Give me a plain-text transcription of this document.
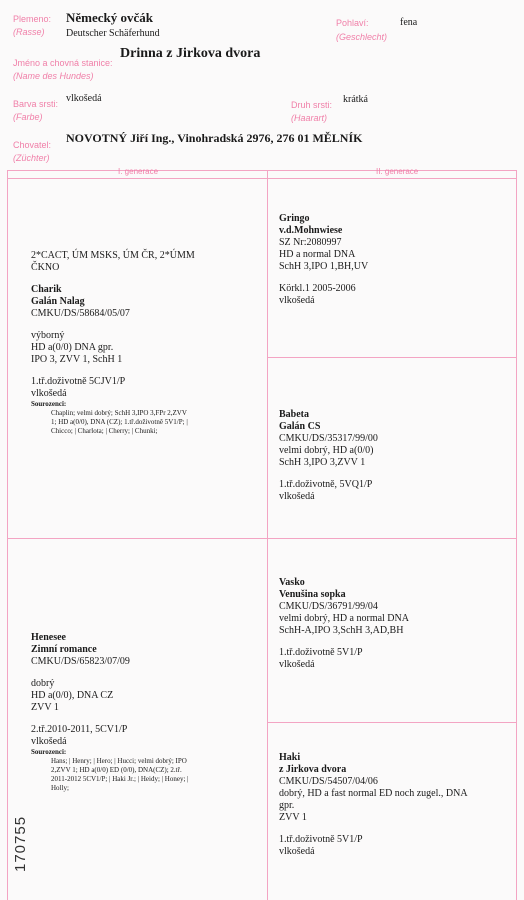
Plemeno:
(Rasse)
Německý ovčák
Deutscher Schäferhund
Pohlaví:
(Geschlecht)
fena
Jméno a chovná stanice:
(Name des Hundes)
Drinna z Jirkova dvora
Barva srsti:
(Farbe)
vlkošedá
Druh srsti:
(Haarart)
krátká
Chovatel:
(Züchter)
NOVOTNÝ Jiří Ing., Vinohradská 2976, 276 01 MĚLNÍK
I. generace	II. generace
2*CACT, ÚM MSKS, ÚM ČR, 2*ÚMM
ČKNO
Charik
Galán Nalag
CMKU/DS/58684/05/07
výborný
HD a(0/0) DNA gpr.
IPO 3, ZVV 1, SchH 1
1.tř.doživotně 5CJV1/P
vlkošedá
Sourozenci:
Chaplin; velmi dobrý; SchH 3,IPO 3,FPr 2,ZVV
1; HD a(0/0), DNA (CZ); 1.tř.doživotně 5V1/P; |
Chicco; | Charlota; | Cherry; | Chunki;
Gringo
v.d.Mohnwiese
SZ Nr:2080997
HD a normal DNA
SchH 3,IPO 1,BH,UV
Körkl.1 2005-2006
vlkošedá
Babeta
Galán CS
CMKU/DS/35317/99/00
velmi dobrý, HD a(0/0)
SchH 3,IPO 3,ZVV 1
1.tř.doživotně, 5VQ1/P
vlkošedá
Henesee
Zimní romance
CMKU/DS/65823/07/09
dobrý
HD a(0/0), DNA CZ
ZVV 1
2.tř.2010-2011, 5CV1/P
vlkošedá
Sourozenci:
Hans; | Henry; | Hero; | Hucci; velmi dobrý; IPO
2,ZVV 1; HD a(0/0) ED (0/0), DNA(CZ); 2.tř.
2011-2012 5CV1/P; | Haki Jr.; | Heidy; | Honey; |
Holly;
Vasko
Venušina sopka
CMKU/DS/36791/99/04
velmi dobrý, HD a normal DNA
SchH-A,IPO 3,SchH 3,AD,BH
1.tř.doživotně 5V1/P
vlkošedá
Haki
z Jirkova dvora
CMKU/DS/54507/04/06
dobrý, HD a fast normal ED noch zugel., DNA
gpr.
ZVV 1
1.tř.doživotně 5V1/P
vlkošedá
170755
